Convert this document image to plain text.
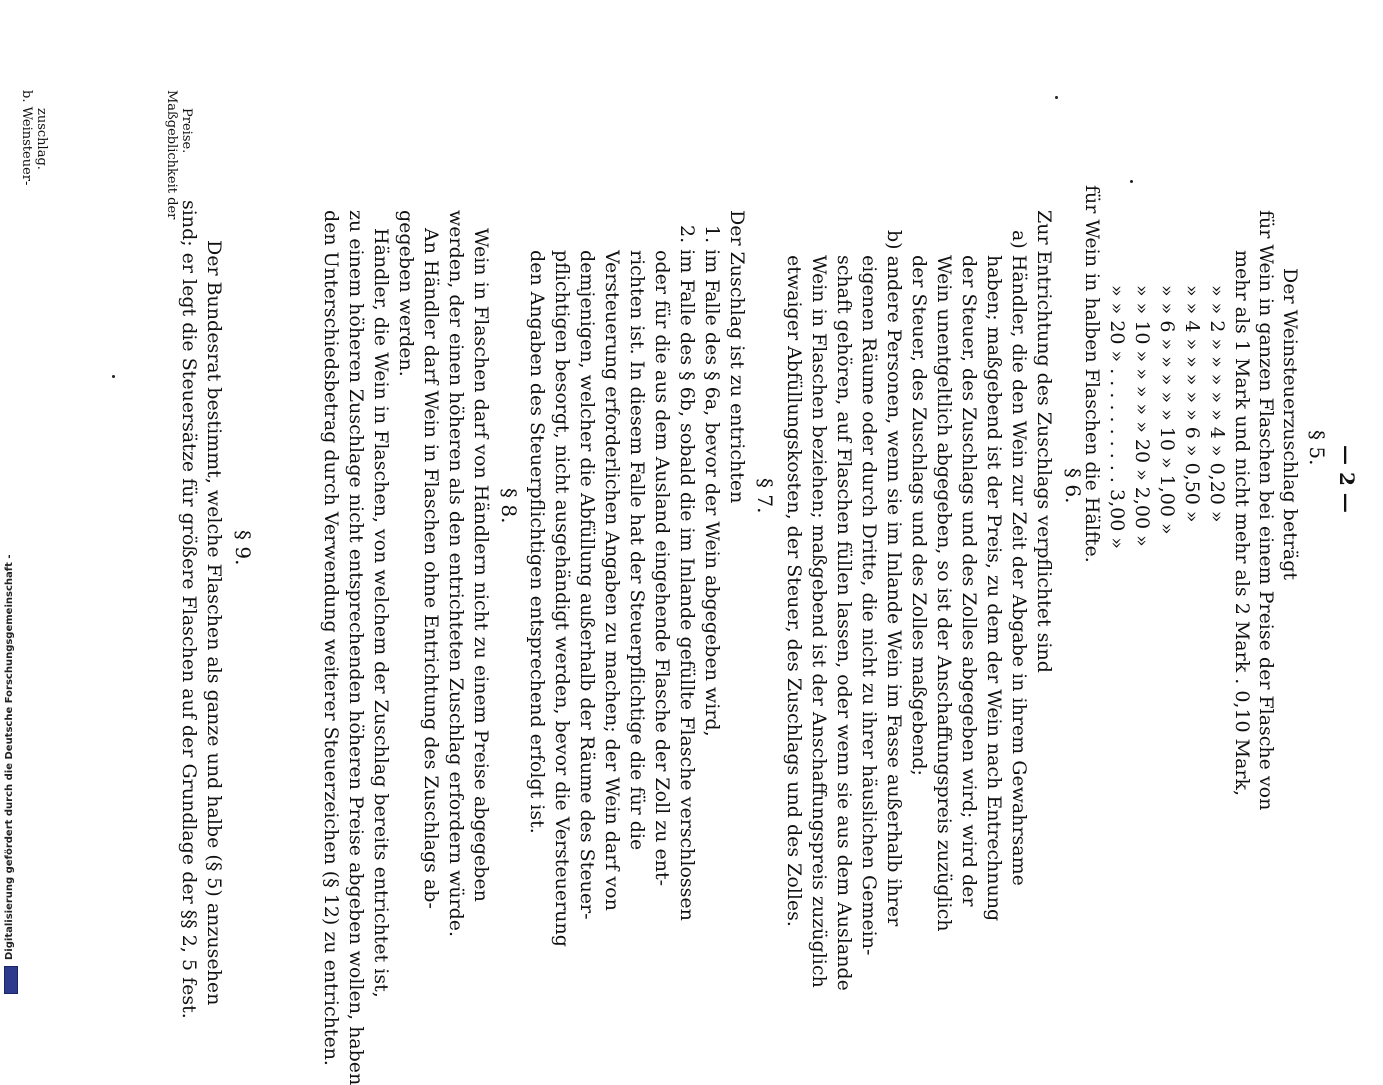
— 2 —
§ 5.
Der Weinsteuerzuschlag beträgt
b. Weinsteuer- zuschlag.
für Wein in ganzen Flaschen bei einem Preise der Flasche von
mehr als 1 Mark und nicht mehr als 2 Mark . 0,10 Mark,
» » 2 » » » » » 4 » 0,20 »
» » 4 » » » » » 6 » 0,50 »
» » 6 » » » » » 10 » 1,00 »
» » 10 » » » » » 20 » 2,00 »
» » 20 » . . . . . . . . . . 3,00 »
für Wein in halben Flaschen die Hälfte.
§ 6.
Maßgeblichkeit der Preise.
Zur Entrichtung des Zuschlags verpflichtet sind
a) Händler, die den Wein zur Zeit der Abgabe in ihrem Gewahrsame
haben; maßgebend ist der Preis, zu dem der Wein nach Entrechnung
der Steuer, des Zuschlags und des Zolles abgegeben wird; wird der
Wein unentgeltlich abgegeben, so ist der Anschaffungspreis zuzüglich
der Steuer, des Zuschlags und des Zolles maßgebend;
b) andere Personen, wenn sie im Inlande Wein im Fasse außerhalb ihrer
eigenen Räume oder durch Dritte, die nicht zu ihrer häuslichen Gemein-
schaft gehören, auf Flaschen füllen lassen, oder wenn sie aus dem Auslande
Wein in Flaschen beziehen; maßgebend ist der Anschaffungspreis zuzüglich
etwaiger Abfüllungskosten, der Steuer, des Zuschlags und des Zolles.
§ 7.
Der Zuschlag ist zu entrichten
1. im Falle des § 6a, bevor der Wein abgegeben wird,
2. im Falle des § 6b, sobald die im Inlande gefüllte Flasche verschlossen
oder für die aus dem Ausland eingehende Flasche der Zoll zu ent-
richten ist. In diesem Falle hat der Steuerpflichtige die für die
Versteuerung erforderlichen Angaben zu machen; der Wein darf von
demjenigen, welcher die Abfüllung außerhalb der Räume des Steuer-
pflichtigen besorgt, nicht ausgehändigt werden, bevor die Versteuerung
den Angaben des Steuerpflichtigen entsprechend erfolgt ist.
§ 8.
Wein in Flaschen darf von Händlern nicht zu einem Preise abgegeben
werden, der einen höheren als den entrichteten Zuschlag erfordern würde.
An Händler darf Wein in Flaschen ohne Entrichtung des Zuschlags ab-
gegeben werden.
Händler, die Wein in Flaschen, von welchem der Zuschlag bereits entrichtet ist,
zu einem höheren Zuschlage nicht entsprechenden höheren Preise abgeben wollen, haben
den Unterschiedsbetrag durch Verwendung weiterer Steuerzeichen (§ 12) zu entrichten.
§ 9.
Der Bundesrat bestimmt, welche Flaschen als ganze und halbe (§ 5) anzusehen
sind; er legt die Steuersätze für größere Flaschen auf der Grundlage der §§ 2, 5 fest.
Digitalisierung gefördert durch die Deutsche Forschungsgemeinschaft -
